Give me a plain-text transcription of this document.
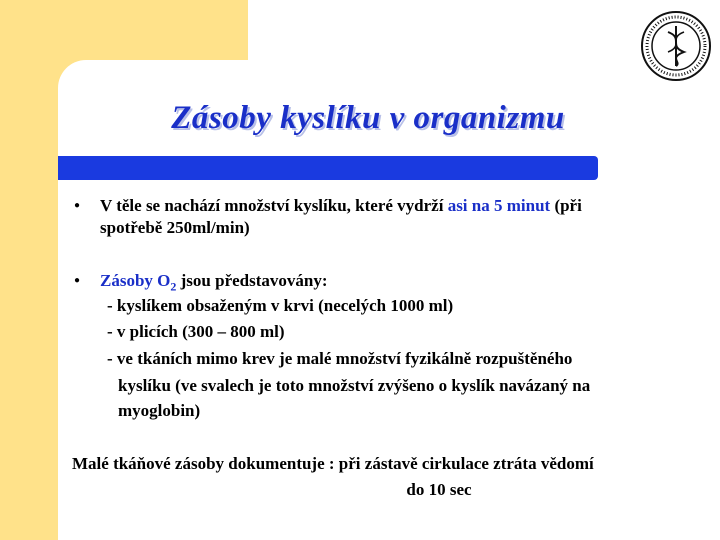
Zásoby kyslíku v organizmu
● V těle se nachází množství kyslíku, které vydrží asi na 5 minut (při
spotřebě 250ml/min)
● Zásoby $O_2$ jsou představovány:
- kyslíkem obsaženým v krvi (necelých 1000 ml)
- v plicích (300 – 800 ml)
- ve tkáních mimo krev je malé množství fyzikálně rozpuštěného
kyslíku (ve svalech je toto množství zvýšeno o kyslík navázaný na
myoglobin)
Malé tkáňové zásoby dokumentuje : při zástavě cirkulace ztráta vědomí
do 10 sec
